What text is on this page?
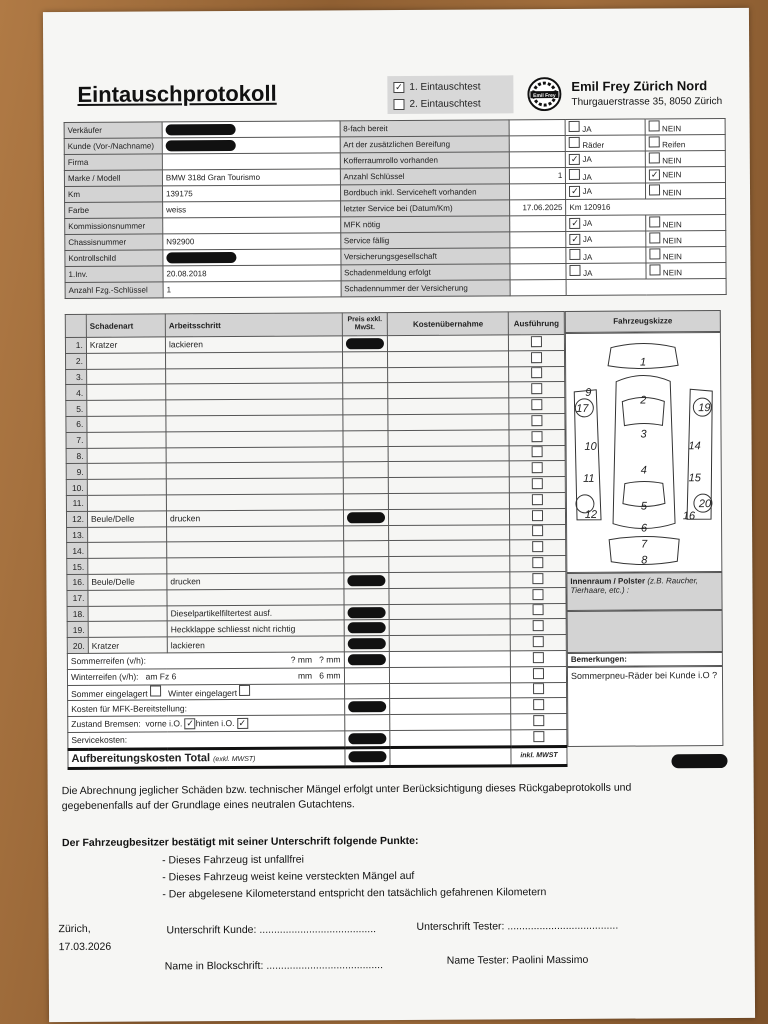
Eintauschprotokoll	✓ 1. Eintauschtest
2. Eintauschtest
Emil Frey
Emil Frey Zürich Nord
Thurgauerstrasse 35, 8050 Zürich
Verkäufer		8-fach bereit		JA	NEIN
Kunde (Vor-/Nachname)		Art der zusätzlichen Bereifung		Räder	Reifen
Firma		Kofferraumrollo vorhanden		✓ JA	NEIN
Marke / Modell	BMW 318d Gran Tourismo	Anzahl Schlüssel	1	JA	✓ NEIN
Km	139175	Bordbuch inkl. Serviceheft vorhanden		✓ JA	NEIN
Farbe	weiss	letzter Service bei (Datum/Km)	17.06.2025	Km 120916	
Kommissionsnummer		MFK nötig		✓ JA	NEIN
Chassisnummer	N92900	Service fällig		✓ JA	NEIN
Kontrollschild		Versicherungsgesellschaft		JA	NEIN
1.Inv.	20.08.2018	Schadenmeldung erfolgt		JA	NEIN
Anzahl Fzg.-Schlüssel	1	Schadennummer der Versicherung			
	Schadenart	Arbeitsschritt	Preis exkl. MwSt.	Kostenübernahme	Ausführung
1.	Kratzer	lackieren			
2.					
3.					
4.					
5.					
6.					
7.					
8.					
9.					
10.					
11.					
12.	Beule/Delle	drucken			
13.					
14.					
15.					
16.	Beule/Delle	drucken			
17.					
18.		Dieselpartikelfiltertest ausf.			
19.		Heckklappe schliesst nicht richtig			
20.	Kratzer	lackieren			
Sommerreifen (v/h): ? mm ? mm					

Winterreifen (v/h): am Fz 6 mm 6 mm					

Sommer eingelagert Winter eingelagert					
Kosten für MFK-Bereitstellung:					
Zustand Bremsen: vorne i.O. ✓ hinten i.O. ✓					
Servicekosten:					
Aufbereitungskosten Total (exkl. MWST)					inkl. MWST
Fahrzeugskizze
1
2
3
4
5
6
7
8
9
10
11
12
14
15
16
17	19
20
Innenraum / Polster (z.B. Raucher, Tierhaare, etc.) :
Bemerkungen:
Sommerpneu-Räder bei Kunde i.O ?
Die Abrechnung jeglicher Schäden bzw. technischer Mängel erfolgt unter Berücksichtigung dieses Rückgabeprotokolls und gegebenenfalls auf der Grundlage eines neutralen Gutachtens.
Der Fahrzeugbesitzer bestätigt mit seiner Unterschrift folgende Punkte:
- Dieses Fahrzeug ist unfallfrei
- Dieses Fahrzeug weist keine versteckten Mängel auf
- Der abgelesene Kilometerstand entspricht den tatsächlich gefahrenen Kilometern
Zürich,
17.03.2026
Unterschrift Kunde: ........................................	Unterschrift Tester: ......................................
Name in Blockschrift: ........................................	Name Tester: Paolini Massimo
